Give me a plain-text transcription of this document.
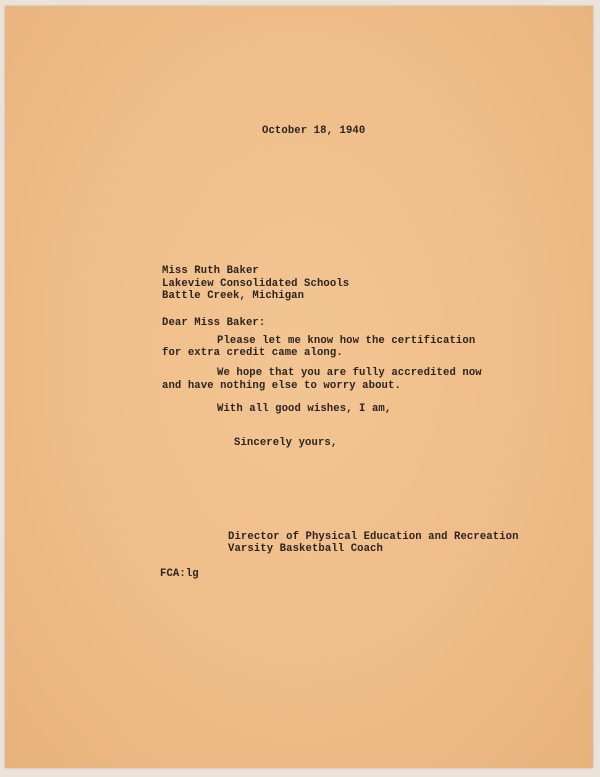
October 18, 1940
Miss Ruth Baker
Lakeview Consolidated Schools
Battle Creek, Michigan
Dear Miss Baker:
Please let me know how the certification
for extra credit came along.
We hope that you are fully accredited now
and have nothing else to worry about.
With all good wishes, I am,
Sincerely yours,
Director of Physical Education and Recreation
Varsity Basketball Coach
FCA:lg
